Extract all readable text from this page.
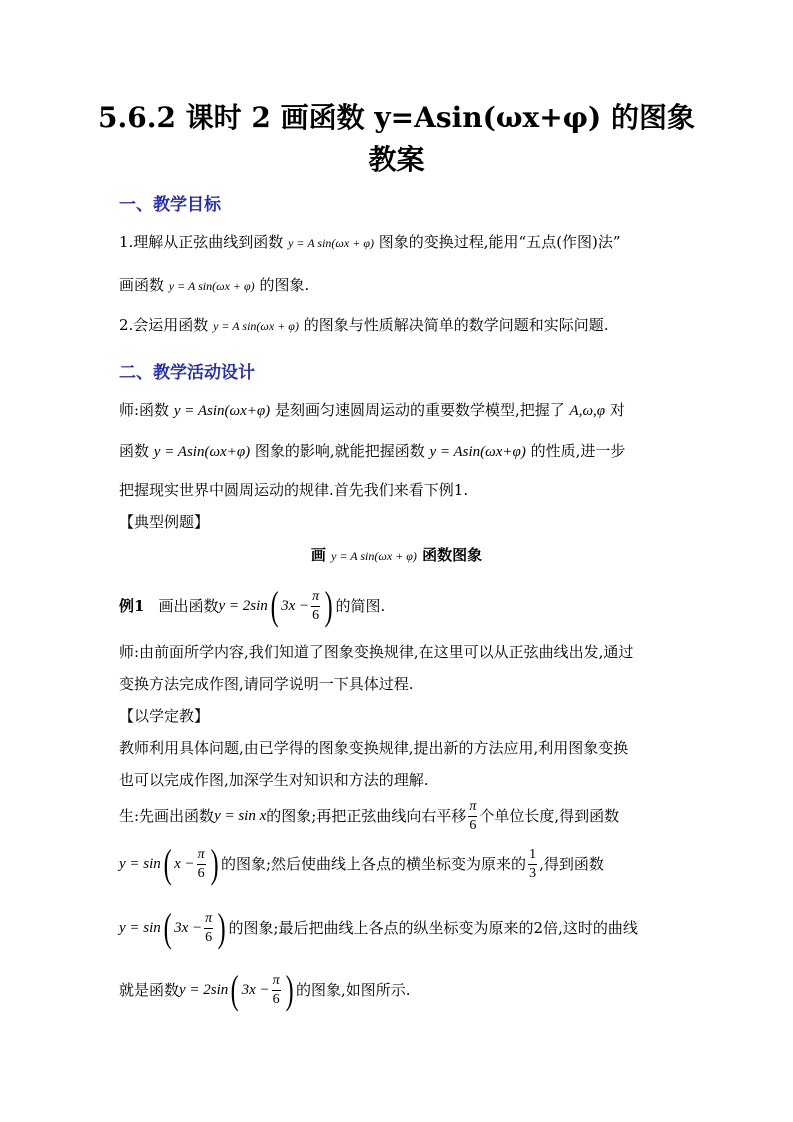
5.6.2 课时 2 画函数 y=Asin(ωx+φ) 的图象
教案
一、教学目标
1.理解从正弦曲线到函数 y = A sin(ωx + φ) 图象的变换过程,能用“五点(作图)法”
画函数 y = A sin(ωx + φ) 的图象.
2.会运用函数 y = A sin(ωx + φ) 的图象与性质解决简单的数学问题和实际问题.
二、教学活动设计
师:函数 y = Asin(ωx+φ) 是刻画匀速圆周运动的重要数学模型,把握了 A,ω,φ 对
函数 y = Asin(ωx+φ) 图象的影响,就能把握函数 y = Asin(ωx+φ) 的性质,进一步
把握现实世界中圆周运动的规律.首先我们来看下例1.
【典型例题】
画 y = A sin(ωx + φ) 函数图象
例1 画出函数 y = 2sin ( $3x - \frac{\pi}{6}$ ) 的简图.
师:由前面所学内容,我们知道了图象变换规律,在这里可以从正弦曲线出发,通过
变换方法完成作图,请同学说明一下具体过程.
【以学定教】
教师利用具体问题,由已学得的图象变换规律,提出新的方法应用,利用图象变换
也可以完成作图,加深学生对知识和方法的理解.
生:先画出函数 y = sin x 的图象;再把正弦曲线向右平移 $\frac{\pi}{6}$ 个单位长度,得到函数
y = sin ( $x - \frac{\pi}{6}$ ) 的图象;然后使曲线上各点的横坐标变为原来的 $\frac{1}{3}$ ,得到函数
y = sin ( $3x - \frac{\pi}{6}$ ) 的图象;最后把曲线上各点的纵坐标变为原来的2倍,这时的曲线
就是函数 y = 2sin ( $3x - \frac{\pi}{6}$ ) 的图象,如图所示.
